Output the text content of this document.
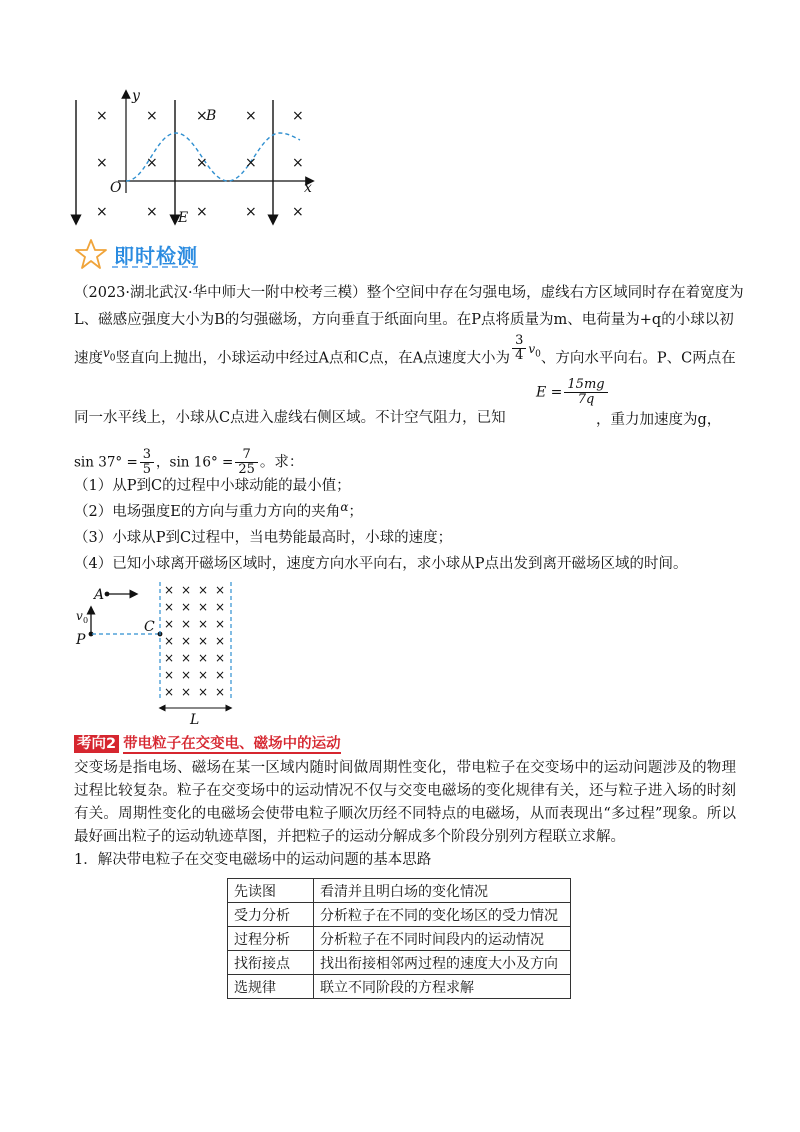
×
×
×
×
×
×
×
×
×
×
×
×
×
×
×
y
x
O
B
E
即时检测
（2023·湖北武汉·华中师大一附中校考三模）整个空间中存在匀强电场，虚线右方区域同时存在着宽度为
L、磁感应强度大小为B的匀强磁场，方向垂直于纸面向里。在P点将质量为m、电荷量为+q的小球以初
速度$^{v_0}$竖直向上抛出，小球运动中经过A点和C点，在A点速度大小为 $\frac{3}{4} ^{v_0}$、方向水平向右。P、C两点在
同一水平线上，小球从C点进入虚线右侧区域。不计空气阻力，已知
$E = \frac{15mg}{7q}$
，重力加速度为g，
$\sin 37^\circ = \frac{3}{5}$ ，$\sin 16^\circ = \frac{7}{25}$ 。求：
（1）从P到C的过程中小球动能的最小值；
（2）电场强度E的方向与重力方向的夹角$^\alpha$；
（3）小球从P到C过程中，当电势能最高时，小球的速度；
（4）已知小球离开磁场区域时，速度方向水平向右，求小球从P点出发到离开磁场区域的时间。
× × × ×
× × × ×
× × × ×
× × × ×
× × × ×
× × × ×
× × × ×
A
v 0
P
C
L
考向2 带电粒子在交变电、磁场中的运动
交变场是指电场、磁场在某一区域内随时间做周期性变化，带电粒子在交变场中的运动问题涉及的物理过程比较复杂。粒子在交变场中的运动情况不仅与交变电磁场的变化规律有关，还与粒子进入场的时刻有关。周期性变化的电磁场会使带电粒子顺次历经不同特点的电磁场，从而表现出“多过程”现象。所以最好画出粒子的运动轨迹草图，并把粒子的运动分解成多个阶段分别列方程联立求解。
1．解决带电粒子在交变电磁场中的运动问题的基本思路
先读图	看清并且明白场的变化情况
受力分析	分析粒子在不同的变化场区的受力情况
过程分析	分析粒子在不同时间段内的运动情况
找衔接点	找出衔接相邻两过程的速度大小及方向
选规律	联立不同阶段的方程求解
